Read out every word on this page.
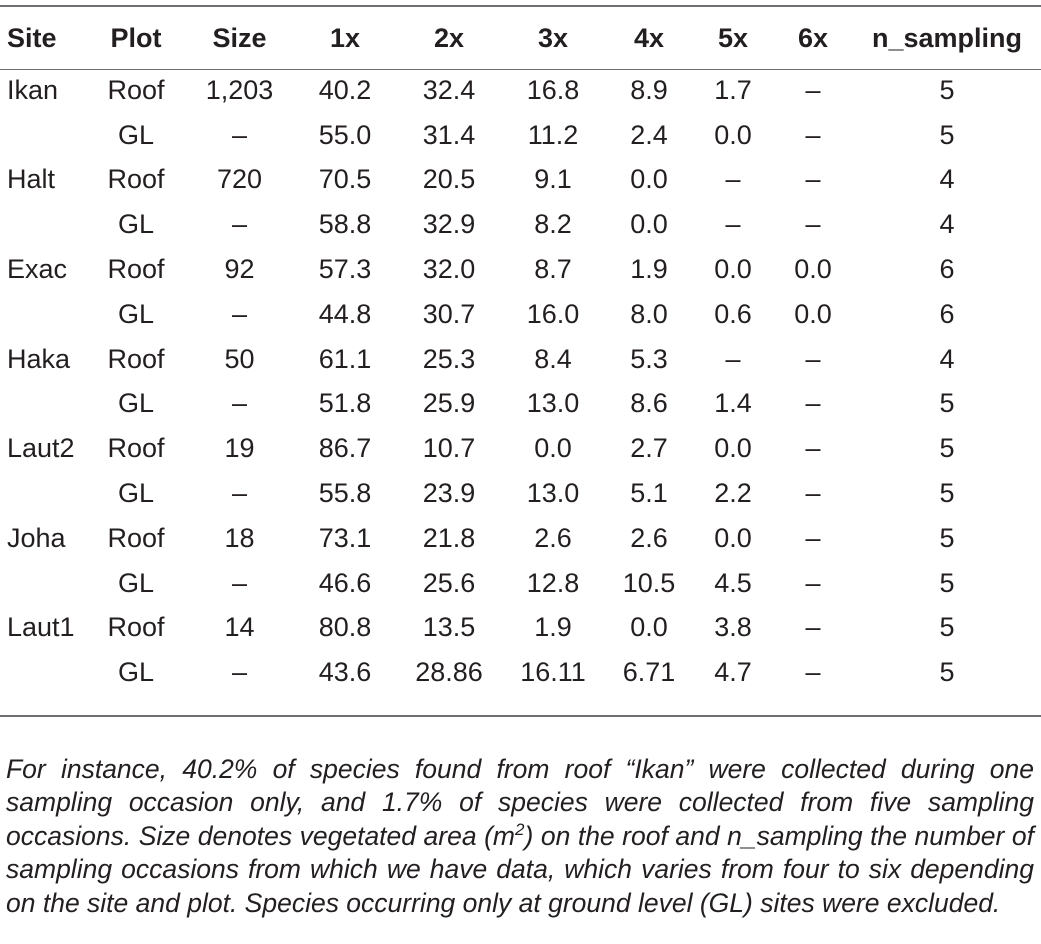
Site	Plot	Size	1x	2x	3x	4x	5x	6x	n_sampling
Ikan	Roof	1,203	40.2	32.4	16.8	8.9	1.7	–	5
	GL	–	55.0	31.4	11.2	2.4	0.0	–	5
Halt	Roof	720	70.5	20.5	9.1	0.0	–	–	4
	GL	–	58.8	32.9	8.2	0.0	–	–	4
Exac	Roof	92	57.3	32.0	8.7	1.9	0.0	0.0	6
	GL	–	44.8	30.7	16.0	8.0	0.6	0.0	6
Haka	Roof	50	61.1	25.3	8.4	5.3	–	–	4
	GL	–	51.8	25.9	13.0	8.6	1.4	–	5
Laut2	Roof	19	86.7	10.7	0.0	2.7	0.0	–	5
	GL	–	55.8	23.9	13.0	5.1	2.2	–	5
Joha	Roof	18	73.1	21.8	2.6	2.6	0.0	–	5
	GL	–	46.6	25.6	12.8	10.5	4.5	–	5
Laut1	Roof	14	80.8	13.5	1.9	0.0	3.8	–	5
	GL	–	43.6	28.86	16.11	6.71	4.7	–	5

For instance, 40.2% of species found from roof “Ikan” were collected during one sampling occasion only, and 1.7% of species were collected from five sampling occasions. Size denotes vegetated area $(m^2)$ on the roof and n_sampling the number of sampling occasions from which we have data, which varies from four to six depending on the site and plot. Species occurring only at ground level (GL) sites were excluded.
